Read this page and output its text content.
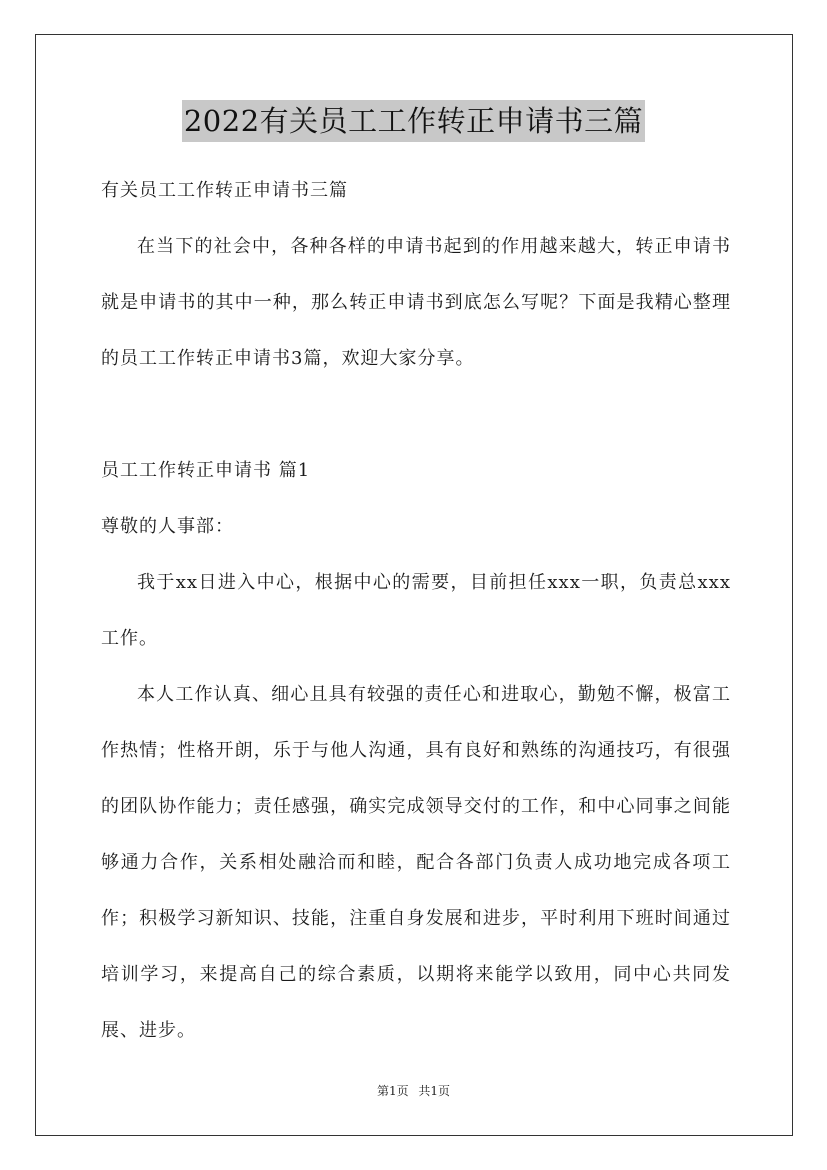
2022有关员工工作转正申请书三篇

有关员工工作转正申请书三篇

在当下的社会中，各种各样的申请书起到的作用越来越大，转正申请书就是申请书的其中一种，那么转正申请书到底怎么写呢？下面是我精心整理的员工工作转正申请书3篇，欢迎大家分享。

员工工作转正申请书 篇1

尊敬的人事部：

我于xx日进入中心，根据中心的需要，目前担任xxx一职，负责总xxx工作。

本人工作认真、细心且具有较强的责任心和进取心，勤勉不懈，极富工作热情；性格开朗，乐于与他人沟通，具有良好和熟练的沟通技巧，有很强的团队协作能力；责任感强，确实完成领导交付的工作，和中心同事之间能够通力合作，关系相处融洽而和睦，配合各部门负责人成功地完成各项工作；积极学习新知识、技能，注重自身发展和进步，平时利用下班时间通过培训学习，来提高自己的综合素质，以期将来能学以致用，同中心共同发展、进步。

第1页 共1页
